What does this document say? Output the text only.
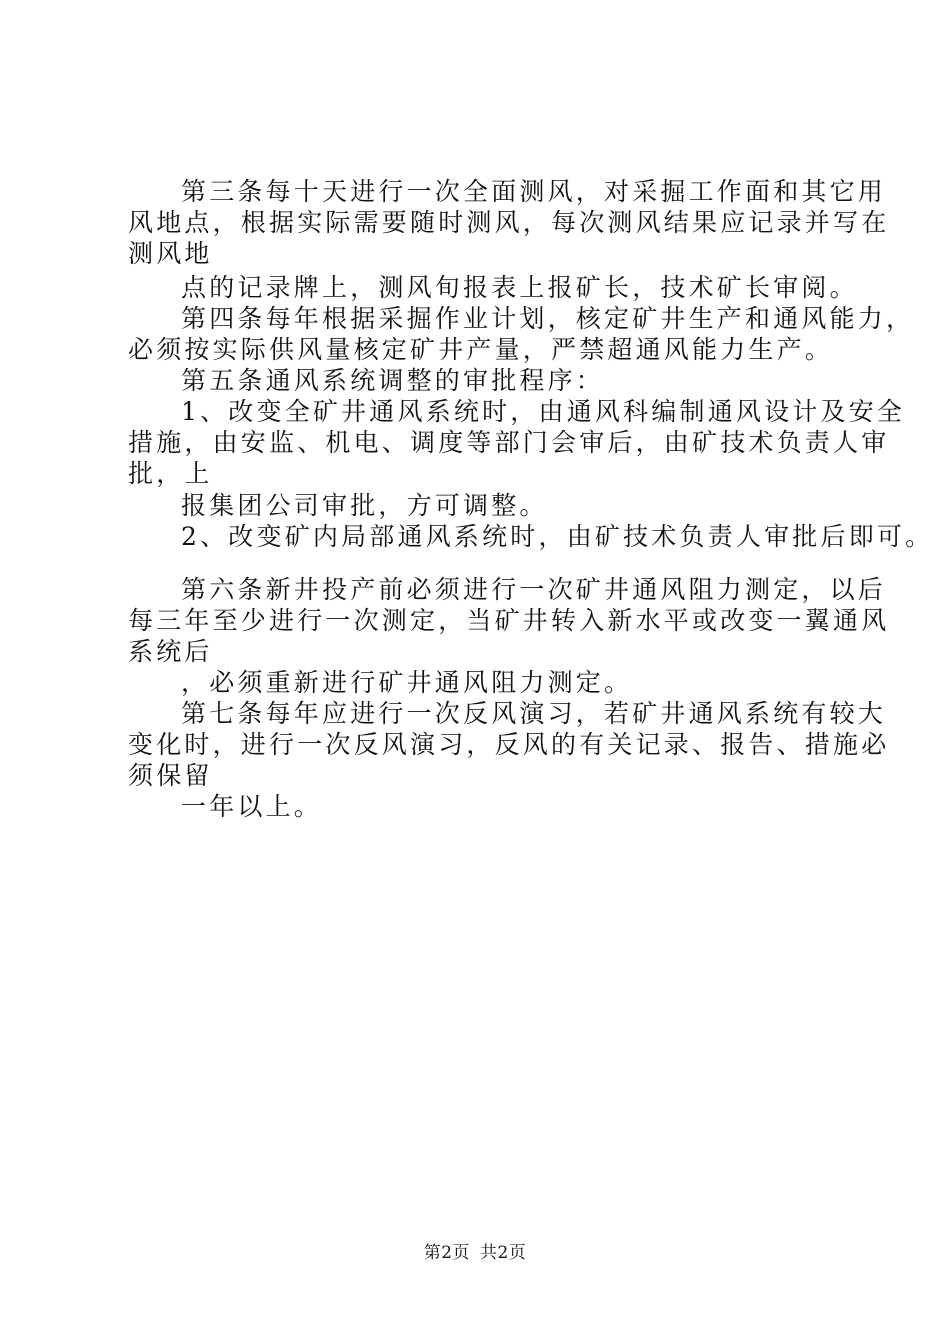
第三条每十天进行一次全面测风，对采掘工作面和其它用
风地点，根据实际需要随时测风，每次测风结果应记录并写在
测风地
点的记录牌上，测风旬报表上报矿长，技术矿长审阅。
第四条每年根据采掘作业计划，核定矿井生产和通风能力，
必须按实际供风量核定矿井产量，严禁超通风能力生产。
第五条通风系统调整的审批程序：
1、改变全矿井通风系统时，由通风科编制通风设计及安全
措施，由安监、机电、调度等部门会审后，由矿技术负责人审
批，上
报集团公司审批，方可调整。
2、改变矿内局部通风系统时，由矿技术负责人审批后即可。
第六条新井投产前必须进行一次矿井通风阻力测定，以后
每三年至少进行一次测定，当矿井转入新水平或改变一翼通风
系统后
，必须重新进行矿井通风阻力测定。
第七条每年应进行一次反风演习，若矿井通风系统有较大
变化时，进行一次反风演习，反风的有关记录、报告、措施必
须保留
一年以上。
第2页 共2页
